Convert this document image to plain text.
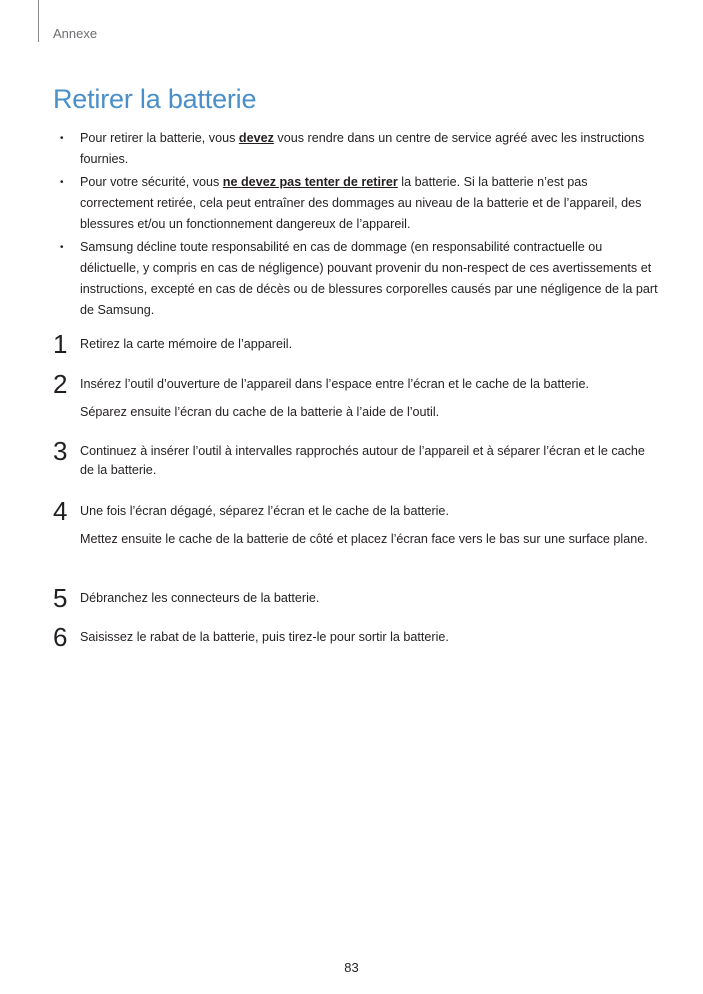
Annexe
Retirer la batterie
• Pour retirer la batterie, vous devez vous rendre dans un centre de service agréé avec les instructions fournies.
• Pour votre sécurité, vous ne devez pas tenter de retirer la batterie. Si la batterie n’est pas correctement retirée, cela peut entraîner des dommages au niveau de la batterie et de l’appareil, des blessures et/ou un fonctionnement dangereux de l’appareil.
• Samsung décline toute responsabilité en cas de dommage (en responsabilité contractuelle ou délictuelle, y compris en cas de négligence) pouvant provenir du non-respect de ces avertissements et instructions, excepté en cas de décès ou de blessures corporelles causés par une négligence de la part de Samsung.
1 Retirez la carte mémoire de l’appareil.
2 Insérez l’outil d’ouverture de l’appareil dans l’espace entre l’écran et le cache de la batterie.
Séparez ensuite l’écran du cache de la batterie à l’aide de l’outil.
3 Continuez à insérer l’outil à intervalles rapprochés autour de l’appareil et à séparer l’écran et le cache de la batterie.
4 Une fois l’écran dégagé, séparez l’écran et le cache de la batterie.
Mettez ensuite le cache de la batterie de côté et placez l’écran face vers le bas sur une surface plane.
5 Débranchez les connecteurs de la batterie.
6 Saisissez le rabat de la batterie, puis tirez-le pour sortir la batterie.
83
